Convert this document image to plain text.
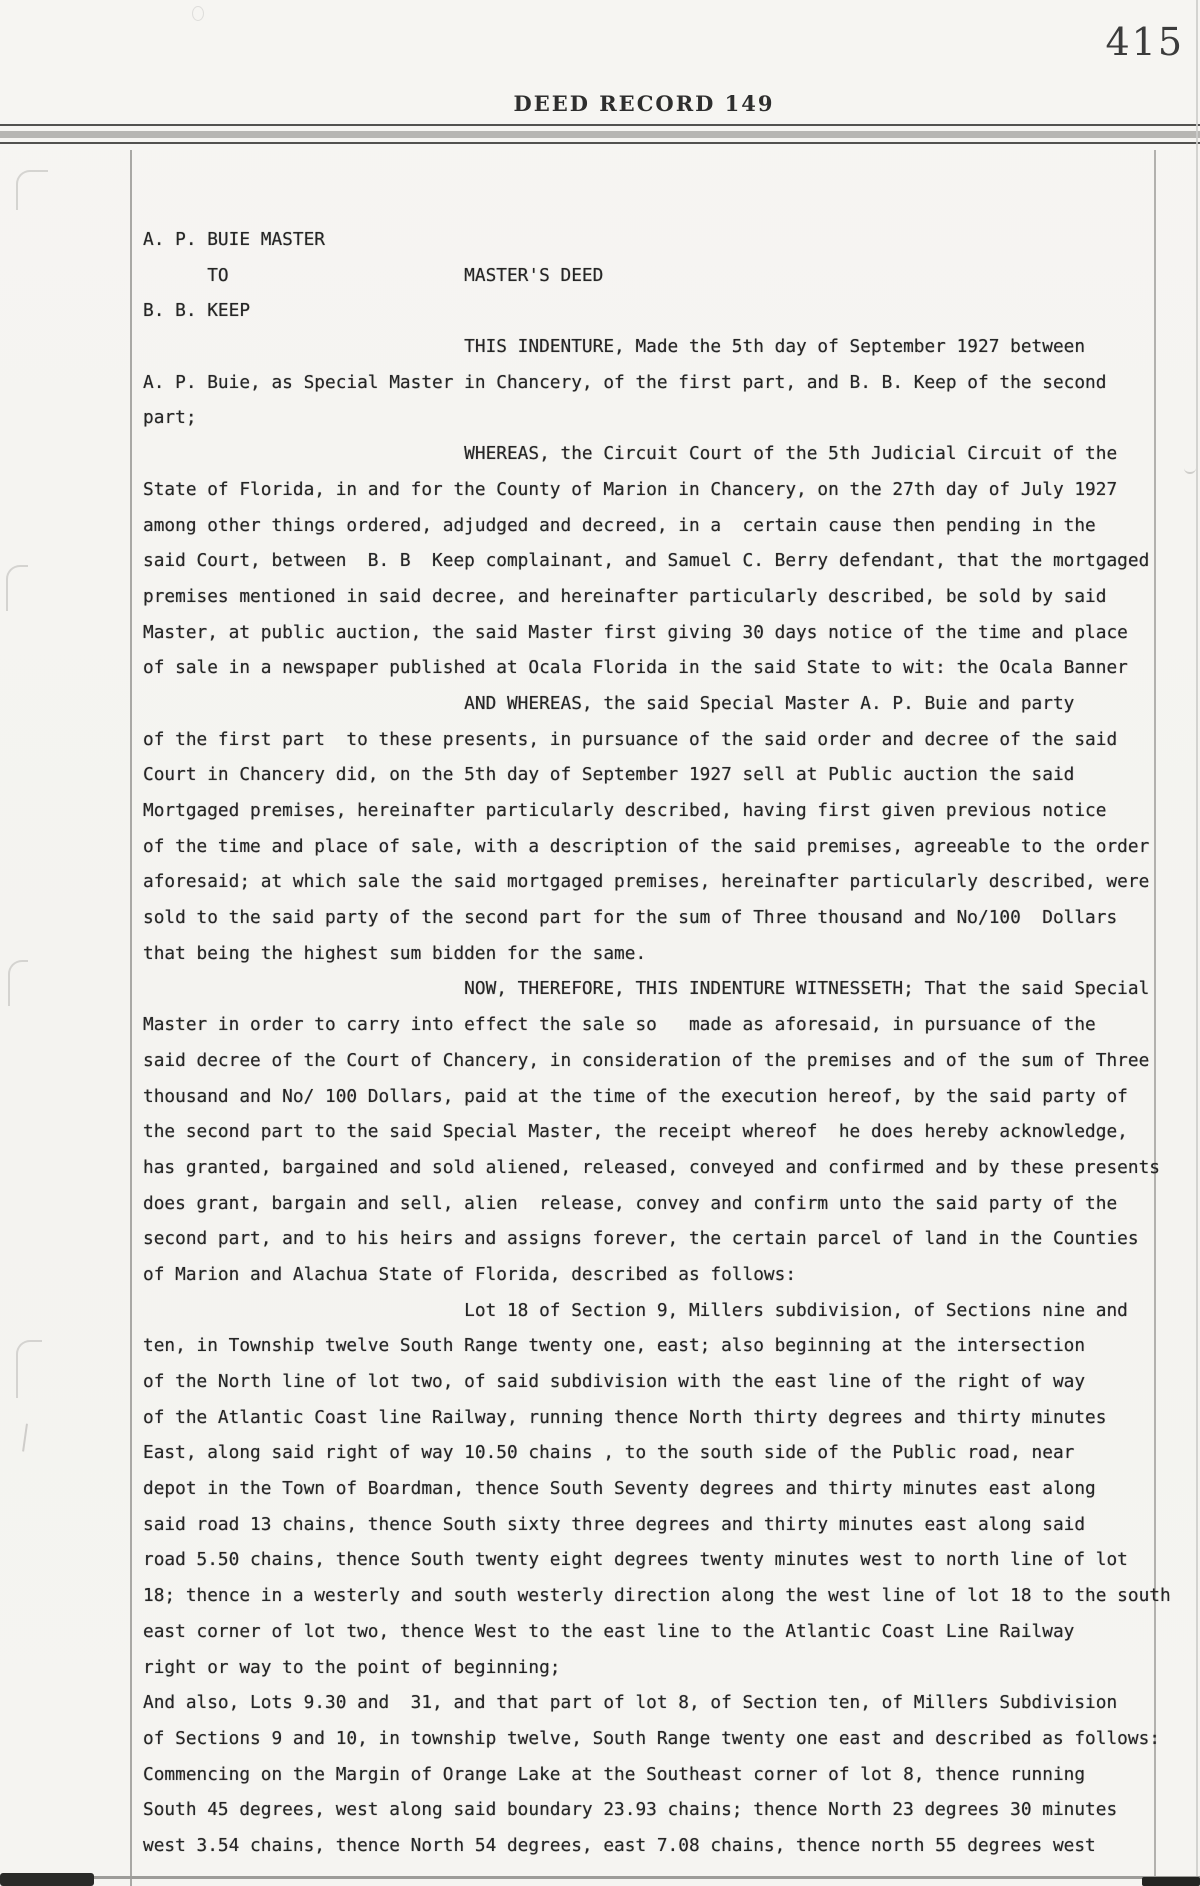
415
DEED RECORD 149
A. P. BUIE MASTER
TO                      MASTER'S DEED
B. B. KEEP
THIS INDENTURE, Made the 5th day of September 1927 between
A. P. Buie, as Special Master in Chancery, of the first part, and B. B. Keep of the second
part;
WHEREAS, the Circuit Court of the 5th Judicial Circuit of the
State of Florida, in and for the County of Marion in Chancery, on the 27th day of July 1927
among other things ordered, adjudged and decreed, in a  certain cause then pending in the
said Court, between  B. B  Keep complainant, and Samuel C. Berry defendant, that the mortgaged
premises mentioned in said decree, and hereinafter particularly described, be sold by said
Master, at public auction, the said Master first giving 30 days notice of the time and place
of sale in a newspaper published at Ocala Florida in the said State to wit: the Ocala Banner
AND WHEREAS, the said Special Master A. P. Buie and party
of the first part  to these presents, in pursuance of the said order and decree of the said
Court in Chancery did, on the 5th day of September 1927 sell at Public auction the said
Mortgaged premises, hereinafter particularly described, having first given previous notice
of the time and place of sale, with a description of the said premises, agreeable to the order
aforesaid; at which sale the said mortgaged premises, hereinafter particularly described, were
sold to the said party of the second part for the sum of Three thousand and No/100  Dollars
that being the highest sum bidden for the same.
NOW, THEREFORE, THIS INDENTURE WITNESSETH; That the said Special
Master in order to carry into effect the sale so   made as aforesaid, in pursuance of the
said decree of the Court of Chancery, in consideration of the premises and of the sum of Three
thousand and No/ 100 Dollars, paid at the time of the execution hereof, by the said party of
the second part to the said Special Master, the receipt whereof  he does hereby acknowledge,
has granted, bargained and sold aliened, released, conveyed and confirmed and by these presents
does grant, bargain and sell, alien  release, convey and confirm unto the said party of the
second part, and to his heirs and assigns forever, the certain parcel of land in the Counties
of Marion and Alachua State of Florida, described as follows:
Lot 18 of Section 9, Millers subdivision, of Sections nine and
ten, in Township twelve South Range twenty one, east; also beginning at the intersection
of the North line of lot two, of said subdivision with the east line of the right of way
of the Atlantic Coast line Railway, running thence North thirty degrees and thirty minutes
East, along said right of way 10.50 chains , to the south side of the Public road, near
depot in the Town of Boardman, thence South Seventy degrees and thirty minutes east along
said road 13 chains, thence South sixty three degrees and thirty minutes east along said
road 5.50 chains, thence South twenty eight degrees twenty minutes west to north line of lot
18; thence in a westerly and south westerly direction along the west line of lot 18 to the south
east corner of lot two, thence West to the east line to the Atlantic Coast Line Railway
right or way to the point of beginning;
And also, Lots 9.30 and  31, and that part of lot 8, of Section ten, of Millers Subdivision
of Sections 9 and 10, in township twelve, South Range twenty one east and described as follows:
Commencing on the Margin of Orange Lake at the Southeast corner of lot 8, thence running
South 45 degrees, west along said boundary 23.93 chains; thence North 23 degrees 30 minutes
west 3.54 chains, thence North 54 degrees, east 7.08 chains, thence north 55 degrees west
